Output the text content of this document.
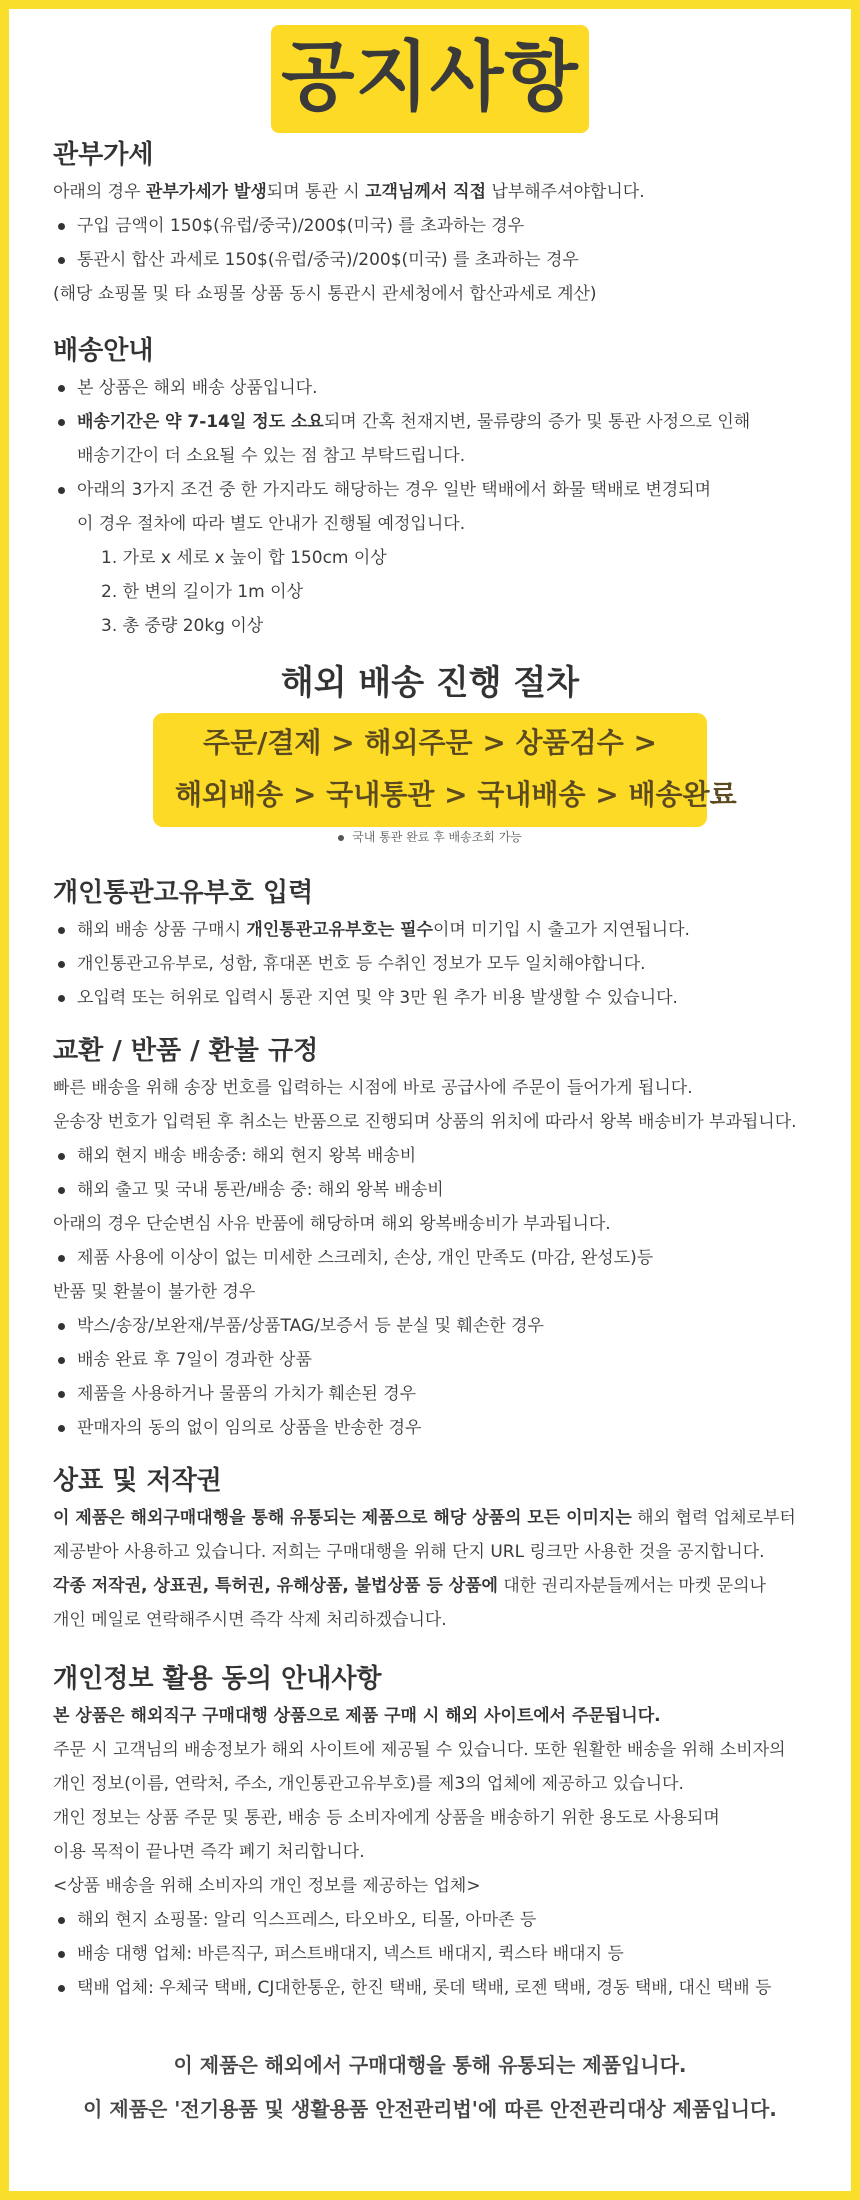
공지사항
관부가세
아래의 경우 관부가세가 발생되며 통관 시 고객님께서 직접 납부해주셔야합니다.
구입 금액이 150$(유럽/중국)/200$(미국) 를 초과하는 경우
통관시 합산 과세로 150$(유럽/중국)/200$(미국) 를 초과하는 경우
(해당 쇼핑몰 및 타 쇼핑몰 상품 동시 통관시 관세청에서 합산과세로 계산)
배송안내
본 상품은 해외 배송 상품입니다.
배송기간은 약 7-14일 정도 소요되며 간혹 천재지변, 물류량의 증가 및 통관 사정으로 인해
배송기간이 더 소요될 수 있는 점 참고 부탁드립니다.
아래의 3가지 조건 중 한 가지라도 해당하는 경우 일반 택배에서 화물 택배로 변경되며
이 경우 절차에 따라 별도 안내가 진행될 예정입니다.
1. 가로 x 세로 x 높이 합 150cm 이상
2. 한 변의 길이가 1m 이상
3. 총 중량 20kg 이상
해외 배송 진행 절차
주문/결제 > 해외주문 > 상품검수 >
해외배송 > 국내통관 > 국내배송 > 배송완료
국내 통관 완료 후 배송조회 가능
개인통관고유부호 입력
해외 배송 상품 구매시 개인통관고유부호는 필수이며 미기입 시 출고가 지연됩니다.
개인통관고유부로, 성함, 휴대폰 번호 등 수취인 정보가 모두 일치해야합니다.
오입력 또는 허위로 입력시 통관 지연 및 약 3만 원 추가 비용 발생할 수 있습니다.
교환 / 반품 / 환불 규정
빠른 배송을 위해 송장 번호를 입력하는 시점에 바로 공급사에 주문이 들어가게 됩니다.
운송장 번호가 입력된 후 취소는 반품으로 진행되며 상품의 위치에 따라서 왕복 배송비가 부과됩니다.
해외 현지 배송 배송중: 해외 현지 왕복 배송비
해외 출고 및 국내 통관/배송 중: 해외 왕복 배송비
아래의 경우 단순변심 사유 반품에 해당하며 해외 왕복배송비가 부과됩니다.
제품 사용에 이상이 없는 미세한 스크레치, 손상, 개인 만족도 (마감, 완성도)등
반품 및 환불이 불가한 경우
박스/송장/보완재/부품/상품TAG/보증서 등 분실 및 훼손한 경우
배송 완료 후 7일이 경과한 상품
제품을 사용하거나 물품의 가치가 훼손된 경우
판매자의 동의 없이 임의로 상품을 반송한 경우
상표 및 저작권
이 제품은 해외구매대행을 통해 유통되는 제품으로 해당 상품의 모든 이미지는 해외 협력 업체로부터
제공받아 사용하고 있습니다. 저희는 구매대행을 위해 단지 URL 링크만 사용한 것을 공지합니다.
각종 저작권, 상표권, 특허권, 유해상품, 불법상품 등 상품에 대한 권리자분들께서는 마켓 문의나
개인 메일로 연락해주시면 즉각 삭제 처리하겠습니다.
개인정보 활용 동의 안내사항
본 상품은 해외직구 구매대행 상품으로 제품 구매 시 해외 사이트에서 주문됩니다.
주문 시 고객님의 배송정보가 해외 사이트에 제공될 수 있습니다. 또한 원활한 배송을 위해 소비자의
개인 정보(이름, 연락처, 주소, 개인통관고유부호)를 제3의 업체에 제공하고 있습니다.
개인 정보는 상품 주문 및 통관, 배송 등 소비자에게 상품을 배송하기 위한 용도로 사용되며
이용 목적이 끝나면 즉각 폐기 처리합니다.
<상품 배송을 위해 소비자의 개인 정보를 제공하는 업체>
해외 현지 쇼핑몰: 알리 익스프레스, 타오바오, 티몰, 아마존 등
배송 대행 업체: 바른직구, 퍼스트배대지, 넥스트 배대지, 퀵스타 배대지 등
택배 업체: 우체국 택배, CJ대한통운, 한진 택배, 롯데 택배, 로젠 택배, 경동 택배, 대신 택배 등
이 제품은 해외에서 구매대행을 통해 유통되는 제품입니다.
이 제품은 '전기용품 및 생활용품 안전관리법'에 따른 안전관리대상 제품입니다.
